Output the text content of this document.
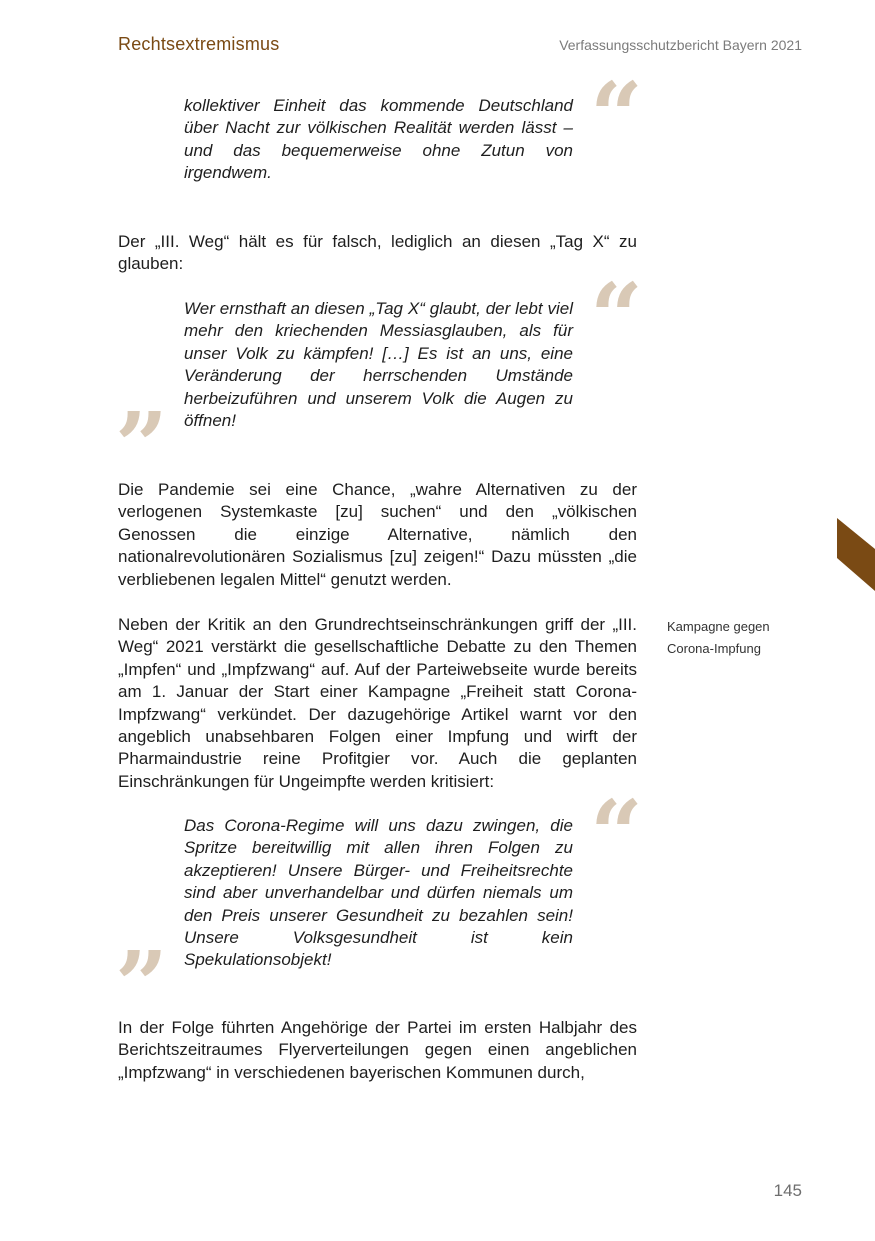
Rechtsextremismus	Verfassungsschutzbericht Bayern 2021
“

kollektiver Einheit das kommende Deutschland über Nacht zur völkischen Realität werden lässt – und das bequemerweise ohne Zutun von irgendwem.

Der „III. Weg“ hält es für falsch, lediglich an diesen „Tag X“ zu glauben:	“

Wer ernsthaft an diesen „Tag X“ glaubt, der lebt viel mehr den kriechenden Messiasglauben, als für unser Volk zu kämpfen! […] Es ist an uns, eine Veränderung der herrschenden Umstände herbeizuführen und unserem Volk die Augen zu öffnen!

”

Die Pandemie sei eine Chance, „wahre Alternativen zu der verlogenen Systemkaste [zu] suchen“ und den „völkischen Genossen die einzige Alternative, nämlich den nationalrevolutionären Sozialismus [zu] zeigen!“ Dazu müssten „die verbliebenen legalen Mittel“ genutzt werden.

Neben der Kritik an den Grundrechtseinschränkungen griff der „III. Weg“ 2021 verstärkt die gesellschaftliche Debatte zu den Themen „Impfen“ und „Impfzwang“ auf. Auf der Parteiwebseite wurde bereits am 1. Januar der Start einer Kampagne „Freiheit statt Corona-Impfzwang“ verkündet. Der dazugehörige Artikel warnt vor den angeblich unabsehbaren Folgen einer Impfung und wirft der Pharmaindustrie reine Profitgier vor. Auch die geplanten Einschränkungen für Ungeimpfte werden kritisiert:

Kampagne gegen Corona-Impfung
“

Das Corona-Regime will uns dazu zwingen, die Spritze bereitwillig mit allen ihren Folgen zu akzeptieren! Unsere Bürger- und Freiheitsrechte sind aber unverhandelbar und dürfen niemals um den Preis unserer Gesundheit zu bezahlen sein! Unsere Volksgesundheit ist kein Spekulationsobjekt!

”

In der Folge führten Angehörige der Partei im ersten Halbjahr des Berichtszeitraumes Flyerverteilungen gegen einen angeblichen „Impfzwang“ in verschiedenen bayerischen Kommunen durch,

145
